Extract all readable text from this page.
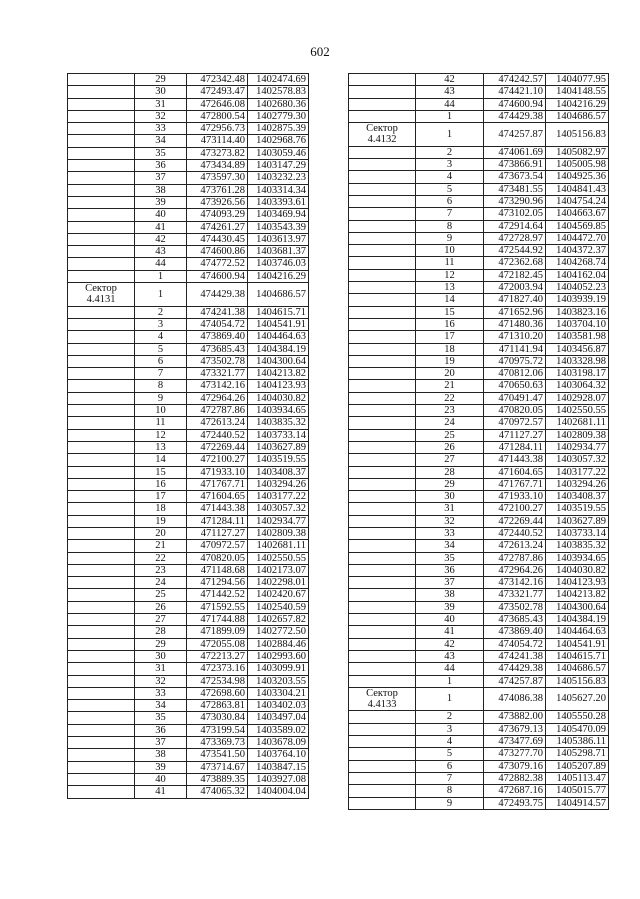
602
	29	472342.48	1402474.69
	30	472493.47	1402578.83
	31	472646.08	1402680.36
	32	472800.54	1402779.30
	33	472956.73	1402875.39
	34	473114.40	1402968.76
	35	473273.82	1403059.46
	36	473434.89	1403147.29
	37	473597.30	1403232.23
	38	473761.28	1403314.34
	39	473926.56	1403393.61
	40	474093.29	1403469.94
	41	474261.27	1403543.39
	42	474430.45	1403613.97
	43	474600.86	1403681.37
	44	474772.52	1403746.03
	1	474600.94	1404216.29
Сектор 4.4131	1	474429.38	1404686.57
	2	474241.38	1404615.71
	3	474054.72	1404541.91
	4	473869.40	1404464.63
	5	473685.43	1404384.19
	6	473502.78	1404300.64
	7	473321.77	1404213.82
	8	473142.16	1404123.93
	9	472964.26	1404030.82
	10	472787.86	1403934.65
	11	472613.24	1403835.32
	12	472440.52	1403733.14
	13	472269.44	1403627.89
	14	472100.27	1403519.55
	15	471933.10	1403408.37
	16	471767.71	1403294.26
	17	471604.65	1403177.22
	18	471443.38	1403057.32
	19	471284.11	1402934.77
	20	471127.27	1402809.38
	21	470972.57	1402681.11
	22	470820.05	1402550.55
	23	471148.68	1402173.07
	24	471294.56	1402298.01
	25	471442.52	1402420.67
	26	471592.55	1402540.59
	27	471744.88	1402657.82
	28	471899.09	1402772.50
	29	472055.08	1402884.46
	30	472213.27	1402993.60
	31	472373.16	1403099.91
	32	472534.98	1403203.55
	33	472698.60	1403304.21
	34	472863.81	1403402.03
	35	473030.84	1403497.04
	36	473199.54	1403589.02
	37	473369.73	1403678.09
	38	473541.50	1403764.10
	39	473714.67	1403847.15
	40	473889.35	1403927.08
	41	474065.32	1404004.04
	42	474242.57	1404077.95
	43	474421.10	1404148.55
	44	474600.94	1404216.29
	1	474429.38	1404686.57
Сектор 4.4132	1	474257.87	1405156.83
	2	474061.69	1405082.97
	3	473866.91	1405005.98
	4	473673.54	1404925.36
	5	473481.55	1404841.43
	6	473290.96	1404754.24
	7	473102.05	1404663.67
	8	472914.64	1404569.85
	9	472728.97	1404472.70
	10	472544.92	1404372.37
	11	472362.68	1404268.74
	12	472182.45	1404162.04
	13	472003.94	1404052.23
	14	471827.40	1403939.19
	15	471652.96	1403823.16
	16	471480.36	1403704.10
	17	471310.20	1403581.98
	18	471141.94	1403456.87
	19	470975.72	1403328.98
	20	470812.06	1403198.17
	21	470650.63	1403064.32
	22	470491.47	1402928.07
	23	470820.05	1402550.55
	24	470972.57	1402681.11
	25	471127.27	1402809.38
	26	471284.11	1402934.77
	27	471443.38	1403057.32
	28	471604.65	1403177.22
	29	471767.71	1403294.26
	30	471933.10	1403408.37
	31	472100.27	1403519.55
	32	472269.44	1403627.89
	33	472440.52	1403733.14
	34	472613.24	1403835.32
	35	472787.86	1403934.65
	36	472964.26	1404030.82
	37	473142.16	1404123.93
	38	473321.77	1404213.82
	39	473502.78	1404300.64
	40	473685.43	1404384.19
	41	473869.40	1404464.63
	42	474054.72	1404541.91
	43	474241.38	1404615.71
	44	474429.38	1404686.57
	1	474257.87	1405156.83
Сектор 4.4133	1	474086.38	1405627.20
	2	473882.00	1405550.28
	3	473679.13	1405470.09
	4	473477.69	1405386.11
	5	473277.70	1405298.71
	6	473079.16	1405207.89
	7	472882.38	1405113.47
	8	472687.16	1405015.77
	9	472493.75	1404914.57
